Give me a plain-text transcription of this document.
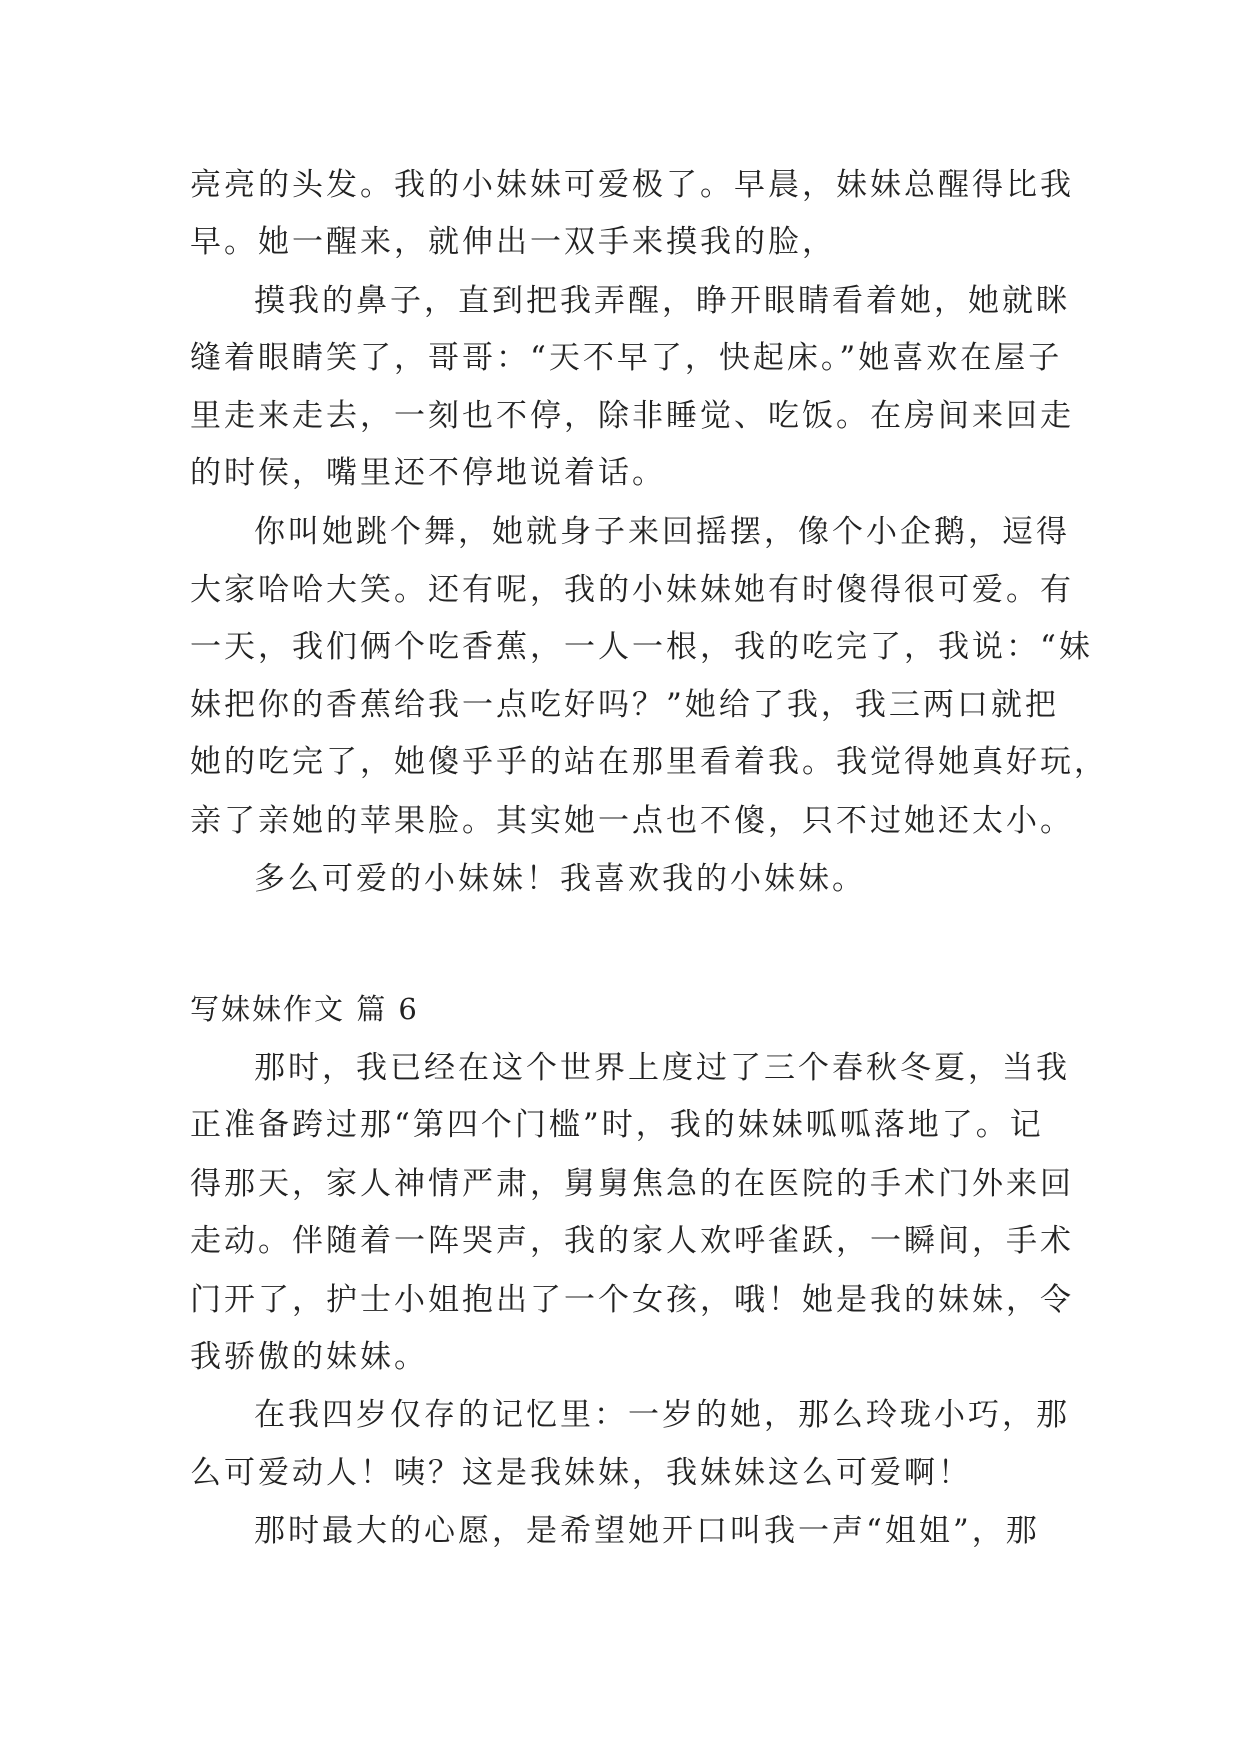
亮亮的头发。我的小妹妹可爱极了。早晨，妹妹总醒得比我
早。她一醒来，就伸出一双手来摸我的脸，
摸我的鼻子，直到把我弄醒，睁开眼睛看着她，她就眯
缝着眼睛笑了，哥哥：“天不早了，快起床。”她喜欢在屋子
里走来走去，一刻也不停，除非睡觉、吃饭。在房间来回走
的时侯，嘴里还不停地说着话。
你叫她跳个舞，她就身子来回摇摆，像个小企鹅，逗得
大家哈哈大笑。还有呢，我的小妹妹她有时傻得很可爱。有
一天，我们俩个吃香蕉，一人一根，我的吃完了，我说：“妹
妹把你的香蕉给我一点吃好吗？”她给了我，我三两口就把
她的吃完了，她傻乎乎的站在那里看着我。我觉得她真好玩，
亲了亲她的苹果脸。其实她一点也不傻，只不过她还太小。
多么可爱的小妹妹！我喜欢我的小妹妹。
写妹妹作文 篇 6
那时，我已经在这个世界上度过了三个春秋冬夏，当我
正准备跨过那“第四个门槛”时，我的妹妹呱呱落地了。记
得那天，家人神情严肃，舅舅焦急的在医院的手术门外来回
走动。伴随着一阵哭声，我的家人欢呼雀跃，一瞬间，手术
门开了，护士小姐抱出了一个女孩，哦！她是我的妹妹，令
我骄傲的妹妹。
在我四岁仅存的记忆里：一岁的她，那么玲珑小巧，那
么可爱动人！咦？这是我妹妹，我妹妹这么可爱啊！
那时最大的心愿，是希望她开口叫我一声“姐姐”，那
